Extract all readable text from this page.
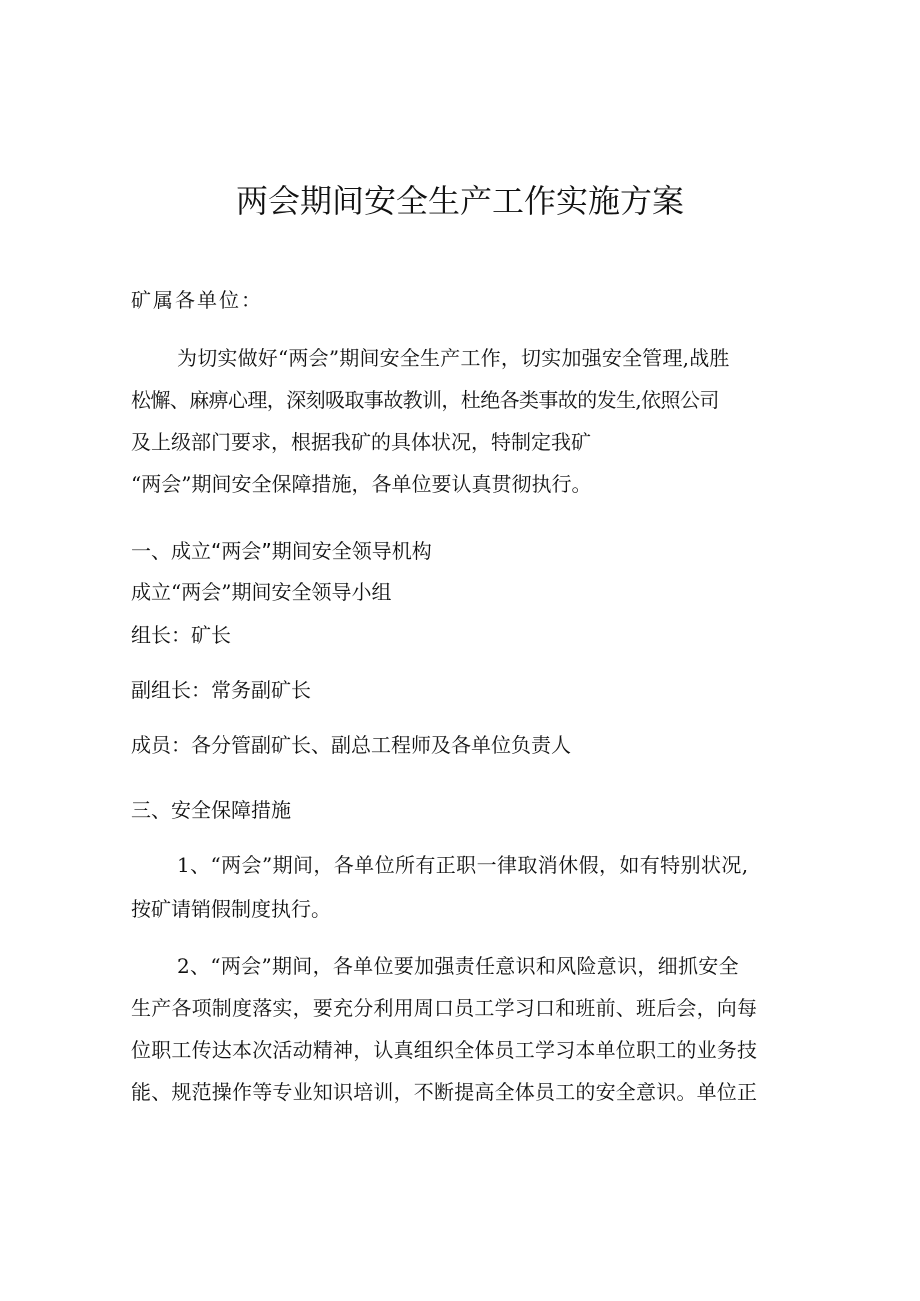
两会期间安全生产工作实施方案
矿属各单位：
为切实做好“两会”期间安全生产工作，切实加强安全管理,战胜
松懈、麻痹心理，深刻吸取事故教训，杜绝各类事故的发生,依照公司
及上级部门要求，根据我矿的具体状况，特制定我矿
“两会”期间安全保障措施，各单位要认真贯彻执行。
一、成立“两会”期间安全领导机构
成立“两会”期间安全领导小组
组长：矿长
副组长：常务副矿长
成员：各分管副矿长、副总工程师及各单位负责人
三、安全保障措施
1、“两会”期间，各单位所有正职一律取消休假，如有特别状况,
按矿请销假制度执行。
2、“两会”期间，各单位要加强责任意识和风险意识，细抓安全
生产各项制度落实，要充分利用周口员工学习口和班前、班后会，向每
位职工传达本次活动精神，认真组织全体员工学习本单位职工的业务技
能、规范操作等专业知识培训，不断提高全体员工的安全意识。单位正
